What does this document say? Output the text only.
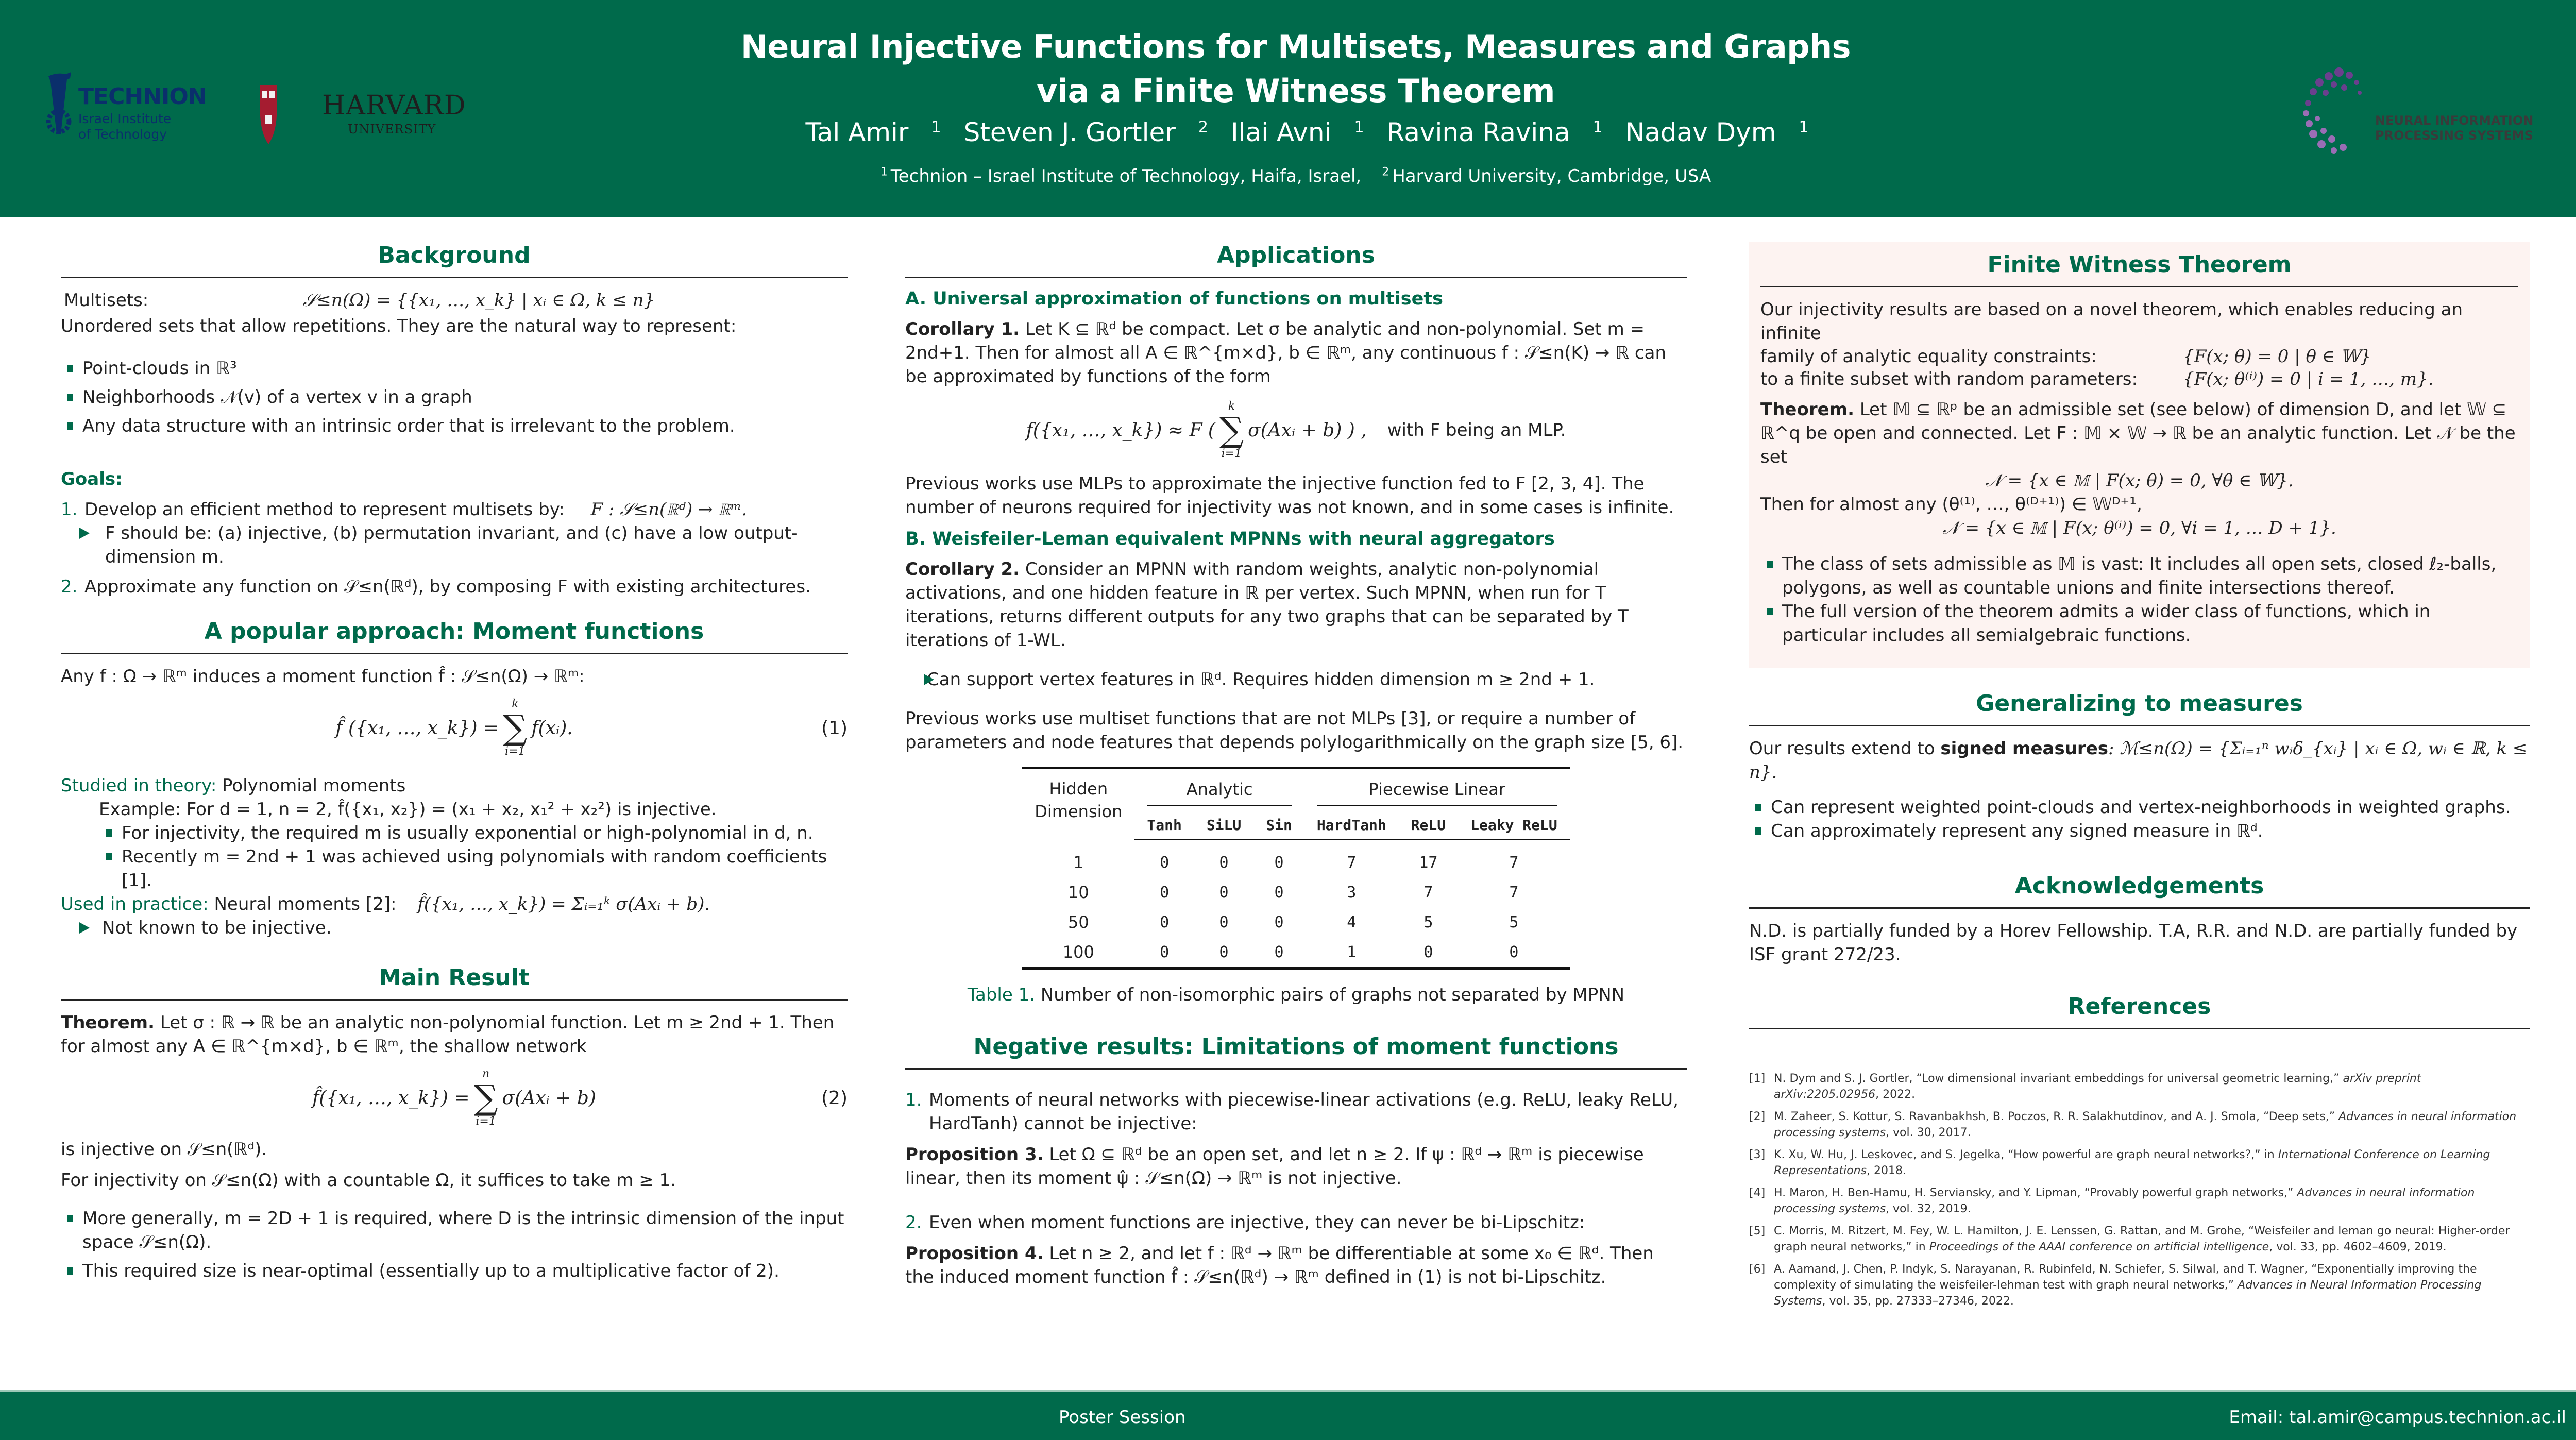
TECHNION
Israel Institute
of Technology
HARVARD
UNIVERSITY
Neural Injective Functions for Multisets, Measures and Graphs
via a Finite Witness Theorem
Tal Amir $^1$ Steven J. Gortler $^2$ Ilai Avni $^1$ Ravina Ravina $^1$ Nadav Dym $^1$
$^1$ Technion – Israel Institute of Technology, Haifa, Israel, $^2$ Harvard University, Cambridge, USA
NEURAL INFORMATION
PROCESSING SYSTEMS
Background

Multisets:	𝒮≤n(Ω) = {{x₁, …, x_k} | xᵢ ∈ Ω, k ≤ n}

Unordered sets that allow repetitions. They are the natural way to represent:

Point-clouds in ℝ³
Neighborhoods 𝒩(v) of a vertex v in a graph
Any data structure with an intrinsic order that is irrelevant to the problem.
Goals:
1. Develop an efficient method to represent multisets by: F : 𝒮≤n(ℝᵈ) → ℝᵐ.

F should be: (a) injective, (b) permutation invariant, and (c) have a low output-dimension m.

2. Approximate any function on 𝒮≤n(ℝᵈ), by composing F with existing architectures.
A popular approach: Moment functions

Any f : Ω → ℝᵐ induces a moment function f̂ : 𝒮≤n(Ω) → ℝᵐ:

f̂ ({x₁, …, x_k}) =
k
∑
i=1
f(xᵢ).	(1)

Studied in theory: Polynomial moments

Example: For d = 1, n = 2, f̂({x₁, x₂}) = (x₁ + x₂, x₁² + x₂²) is injective.

For injectivity, the required m is usually exponential or high-polynomial in d, n.
Recently m = 2nd + 1 was achieved using polynomials with random coefficients [1].

Used in practice: Neural moments [2]: f̂({x₁, …, x_k}) = Σᵢ₌₁ᵏ σ(Axᵢ + b).

Not known to be injective.

Main Result

Theorem. Let σ : ℝ → ℝ be an analytic non-polynomial function. Let m ≥ 2nd + 1. Then for almost any A ∈ ℝ^{m×d}, b ∈ ℝᵐ, the shallow network

f̂({x₁, …, x_k}) =
n
∑
i=1
σ(Axᵢ + b)	(2)

is injective on 𝒮≤n(ℝᵈ).

For injectivity on 𝒮≤n(Ω) with a countable Ω, it suffices to take m ≥ 1.

More generally, m = 2D + 1 is required, where D is the intrinsic dimension of the input space 𝒮≤n(Ω).
This required size is near-optimal (essentially up to a multiplicative factor of 2).
Applications
A. Universal approximation of functions on multisets

Corollary 1. Let K ⊆ ℝᵈ be compact. Let σ be analytic and non-polynomial. Set m = 2nd+1. Then for almost all A ∈ ℝ^{m×d}, b ∈ ℝᵐ, any continuous f : 𝒮≤n(K) → ℝ can be approximated by functions of the form

f({x₁, …, x_k}) ≈ F (
k
∑
i=1
σ(Axᵢ + b) ) , with F being an MLP.

Previous works use MLPs to approximate the injective function fed to F [2, 3, 4]. The number of neurons required for injectivity was not known, and in some cases is infinite.

B. Weisfeiler-Leman equivalent MPNNs with neural aggregators

Corollary 2. Consider an MPNN with random weights, analytic non-polynomial activations, and one hidden feature in ℝ per vertex. Such MPNN, when run for T iterations, returns different outputs for any two graphs that can be separated by T iterations of 1-WL.

Can support vertex features in ℝᵈ. Requires hidden dimension m ≥ 2nd + 1.

Previous works use multiset functions that are not MLPs [3], or require a number of parameters and node features that depends polylogarithmically on the graph size [5, 6].

Hidden
Dimension	Analytic			Piecewise Linear		

	Tanh	SiLU	Sin	HardTanh	ReLU	Leaky ReLU
1	0	0	0	7	17	7
10	0	0	0	3	7	7
50	0	0	0	4	5	5
100	0	0	0	1	0	0

Table 1. Number of non-isomorphic pairs of graphs not separated by MPNN

Negative results: Limitations of moment functions
1. Moments of neural networks with piecewise-linear activations (e.g. ReLU, leaky ReLU, HardTanh) cannot be injective:

Proposition 3. Let Ω ⊆ ℝᵈ be an open set, and let n ≥ 2. If ψ : ℝᵈ → ℝᵐ is piecewise linear, then its moment ψ̂ : 𝒮≤n(Ω) → ℝᵐ is not injective.

2. Even when moment functions are injective, they can never be bi-Lipschitz:

Proposition 4. Let n ≥ 2, and let f : ℝᵈ → ℝᵐ be differentiable at some x₀ ∈ ℝᵈ. Then the induced moment function f̂ : 𝒮≤n(ℝᵈ) → ℝᵐ defined in (1) is not bi-Lipschitz.

Finite Witness Theorem

Our injectivity results are based on a novel theorem, which enables reducing an infinite

family of analytic equality constraints:	{F(x; θ) = 0 | θ ∈ 𝕎}

to a finite subset with random parameters:	{F(x; θ⁽ⁱ⁾) = 0 | i = 1, …, m}.

Theorem. Let 𝕄 ⊆ ℝᵖ be an admissible set (see below) of dimension D, and let 𝕎 ⊆ ℝ^q be open and connected. Let F : 𝕄 × 𝕎 → ℝ be an analytic function. Let 𝒩 be the set

𝒩 = {x ∈ 𝕄 | F(x; θ) = 0, ∀θ ∈ 𝕎}.

Then for almost any (θ⁽¹⁾, …, θ⁽ᴰ⁺¹⁾) ∈ 𝕎ᴰ⁺¹,

𝒩 = {x ∈ 𝕄 | F(x; θ⁽ⁱ⁾) = 0, ∀i = 1, … D + 1}.

The class of sets admissible as 𝕄 is vast: It includes all open sets, closed ℓ₂-balls, polygons, as well as countable unions and finite intersections thereof.
The full version of the theorem admits a wider class of functions, which in particular includes all semialgebraic functions.
Generalizing to measures

Our results extend to signed measures: ℳ≤n(Ω) = {Σᵢ₌₁ⁿ wᵢδ_{xᵢ} | xᵢ ∈ Ω, wᵢ ∈ ℝ, k ≤ n}.

Can represent weighted point-clouds and vertex-neighborhoods in weighted graphs.
Can approximately represent any signed measure in ℝᵈ.
Acknowledgements

N.D. is partially funded by a Horev Fellowship. T.A, R.R. and N.D. are partially funded by ISF grant 272/23.

References
[1] N. Dym and S. J. Gortler, “Low dimensional invariant embeddings for universal geometric learning,” arXiv preprint arXiv:2205.02956, 2022.
[2] M. Zaheer, S. Kottur, S. Ravanbakhsh, B. Poczos, R. R. Salakhutdinov, and A. J. Smola, “Deep sets,” Advances in neural information processing systems, vol. 30, 2017.
[3] K. Xu, W. Hu, J. Leskovec, and S. Jegelka, “How powerful are graph neural networks?,” in International Conference on Learning Representations, 2018.
[4] H. Maron, H. Ben-Hamu, H. Serviansky, and Y. Lipman, “Provably powerful graph networks,” Advances in neural information processing systems, vol. 32, 2019.
[5] C. Morris, M. Ritzert, M. Fey, W. L. Hamilton, J. E. Lenssen, G. Rattan, and M. Grohe, “Weisfeiler and leman go neural: Higher-order graph neural networks,” in Proceedings of the AAAI conference on artificial intelligence, vol. 33, pp. 4602–4609, 2019.
[6] A. Aamand, J. Chen, P. Indyk, S. Narayanan, R. Rubinfeld, N. Schiefer, S. Silwal, and T. Wagner, “Exponentially improving the complexity of simulating the weisfeiler-lehman test with graph neural networks,” Advances in Neural Information Processing Systems, vol. 35, pp. 27333–27346, 2022.
Poster Session	Email: tal.amir@campus.technion.ac.il
